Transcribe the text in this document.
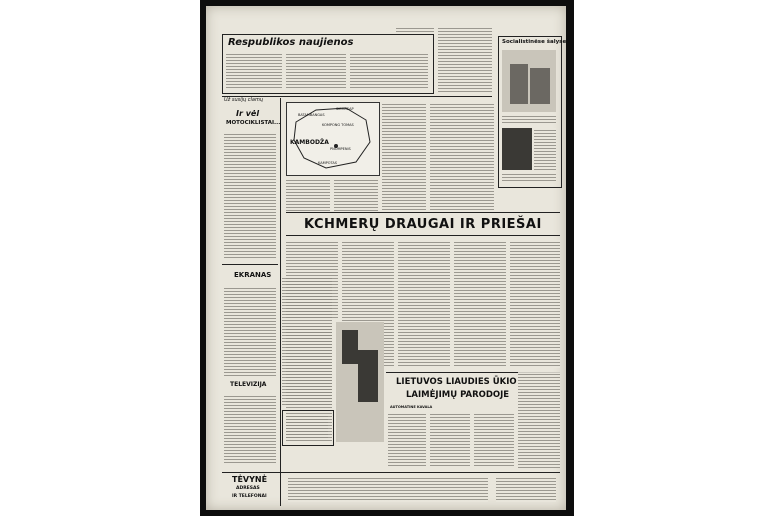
Respublikos naujienos	Socialistinėse šalyse
Už susijų clamų
Ir vėl
MOTOCIKLISTAI...
KAMBODŽA
BATAMBANGAS
KOMPONG TOMAS
PNOMPENIS
KAMPOTAS
SIEMREAP
KCHMERŲ DRAUGAI IR PRIEŠAI
EKRANAS
TELEVIZIJA	LIETUVOS LIAUDIES ŪKIO
LAIMĖJIMŲ PARODOJE
AUTOMATINE KAVALA
TĖVYNĖ
ADRESAS
IR TELEFONAI
